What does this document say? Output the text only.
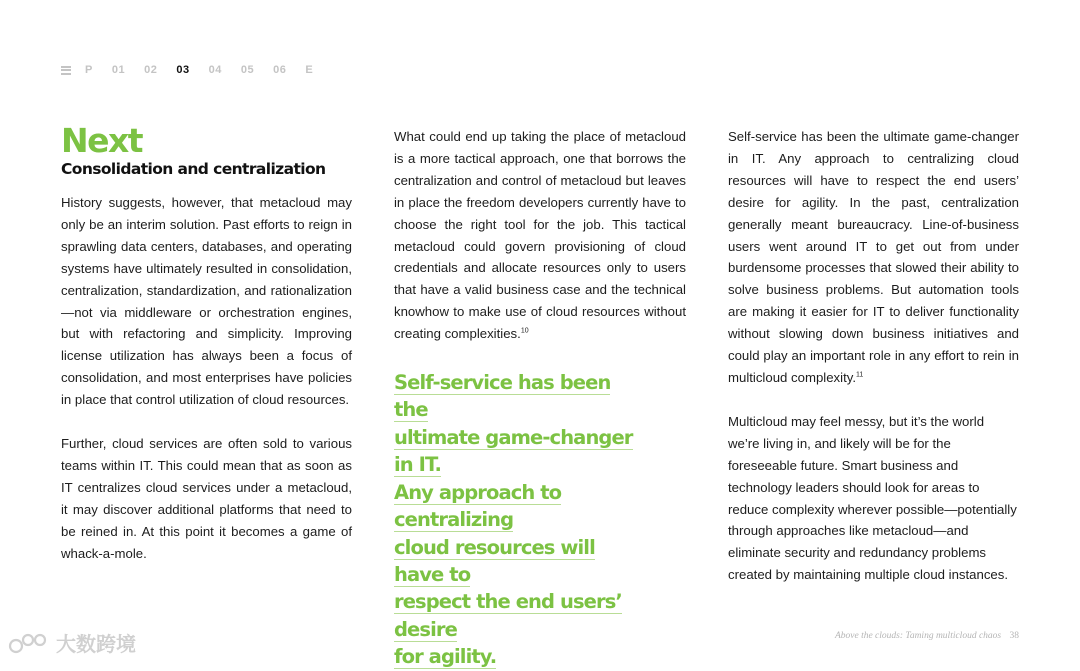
P 01 02 03 04 05 06 E
Next
Consolidation and centralization

History suggests, however, that metacloud may only be an interim solution. Past efforts to reign in sprawling data centers, databases, and operating systems have ultimately resulted in consolidation, centralization, standardization, and rationalization—not via middleware or orchestration engines, but with refactoring and simplicity. Improving license utilization has always been a focus of consolidation, and most enterprises have policies in place that control utilization of cloud resources.

Further, cloud services are often sold to various teams within IT. This could mean that as soon as IT centralizes cloud services under a metacloud, it may discover additional platforms that need to be reined in. At this point it becomes a game of whack-a-mole.

What could end up taking the place of metacloud is a more tactical approach, one that borrows the centralization and control of metacloud but leaves in place the freedom developers currently have to choose the right tool for the job. This tactical metacloud could govern provisioning of cloud credentials and allocate resources only to users that have a valid business case and the technical knowhow to make use of cloud resources without creating complexities.$^{10}$

Self-service has been the
ultimate game-changer in IT.
Any approach to centralizing
cloud resources will have to
respect the end users’ desire
for agility.

Self-service has been the ultimate game-changer in IT. Any approach to centralizing cloud resources will have to respect the end users’ desire for agility. In the past, centralization generally meant bureaucracy. Line-of-business users went around IT to get out from under burdensome processes that slowed their ability to solve business problems. But automation tools are making it easier for IT to deliver functionality without slowing down business initiatives and could play an important role in any effort to rein in multicloud complexity.$^{11}$

Multicloud may feel messy, but it’s the world we’re living in, and likely will be for the foreseeable future. Smart business and technology leaders should look for areas to reduce complexity wherever possible—potentially through approaches like metacloud—and eliminate security and redundancy problems created by maintaining multiple cloud instances.

Above the clouds: Taming multicloud chaos 38
大数跨境
